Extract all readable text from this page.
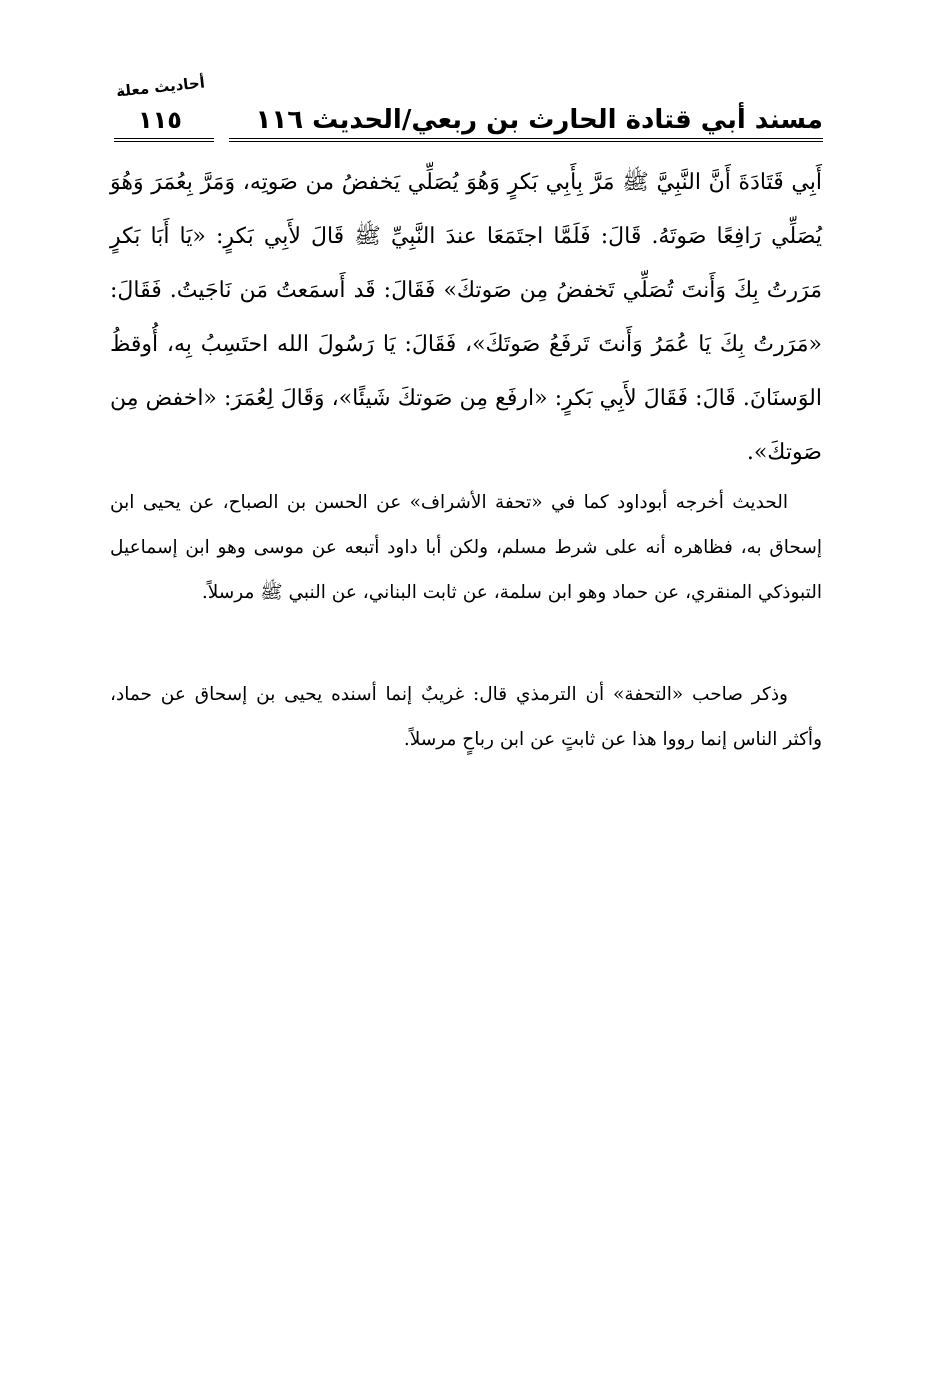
مسند أبي قتادة الحارث بن ربعي/الحديث ١١٦
أحاديث معلة
١١٥

أَبِي قَتَادَةَ أَنَّ النَّبِيَّ ﷺ مَرَّ بِأَبِي بَكرٍ وَهُوَ يُصَلِّي يَخفضُ من صَوتِه، وَمَرَّ بِعُمَرَ وَهُوَ يُصَلِّي رَافِعًا صَوتَهُ. قَالَ: فَلَمَّا اجتَمَعَا عندَ النَّبِيِّ ﷺ قَالَ لأَبِي بَكرٍ: «يَا أَبَا بَكرٍ مَرَرتُ بِكَ وَأَنتَ تُصَلِّي تَخفضُ مِن صَوتكَ» فَقَالَ: قَد أَسمَعتُ مَن نَاجَيتُ. فَقَالَ: «مَرَرتُ بِكَ يَا عُمَرُ وَأَنتَ تَرفَعُ صَوتَكَ»، فَقَالَ: يَا رَسُولَ الله احتَسِبُ بِه، أُوقظُ الوَسنَانَ. قَالَ: فَقَالَ لأَبِي بَكرٍ: «ارفَع مِن صَوتكَ شَيئًا»، وَقَالَ لِعُمَرَ: «اخفض مِن صَوتكَ».

الحديث أخرجه أبوداود كما في «تحفة الأشراف» عن الحسن بن الصباح، عن يحيى ابن إسحاق به، فظاهره أنه على شرط مسلم، ولكن أبا داود أتبعه عن موسى وهو ابن إسماعيل التبوذكي المنقري، عن حماد وهو ابن سلمة، عن ثابت البناني، عن النبي ﷺ مرسلاً.

وذكر صاحب «التحفة» أن الترمذي قال: غريبٌ إنما أسنده يحيى بن إسحاق عن حماد، وأكثر الناس إنما رووا هذا عن ثابتٍ عن ابن رباحٍ مرسلاً.
